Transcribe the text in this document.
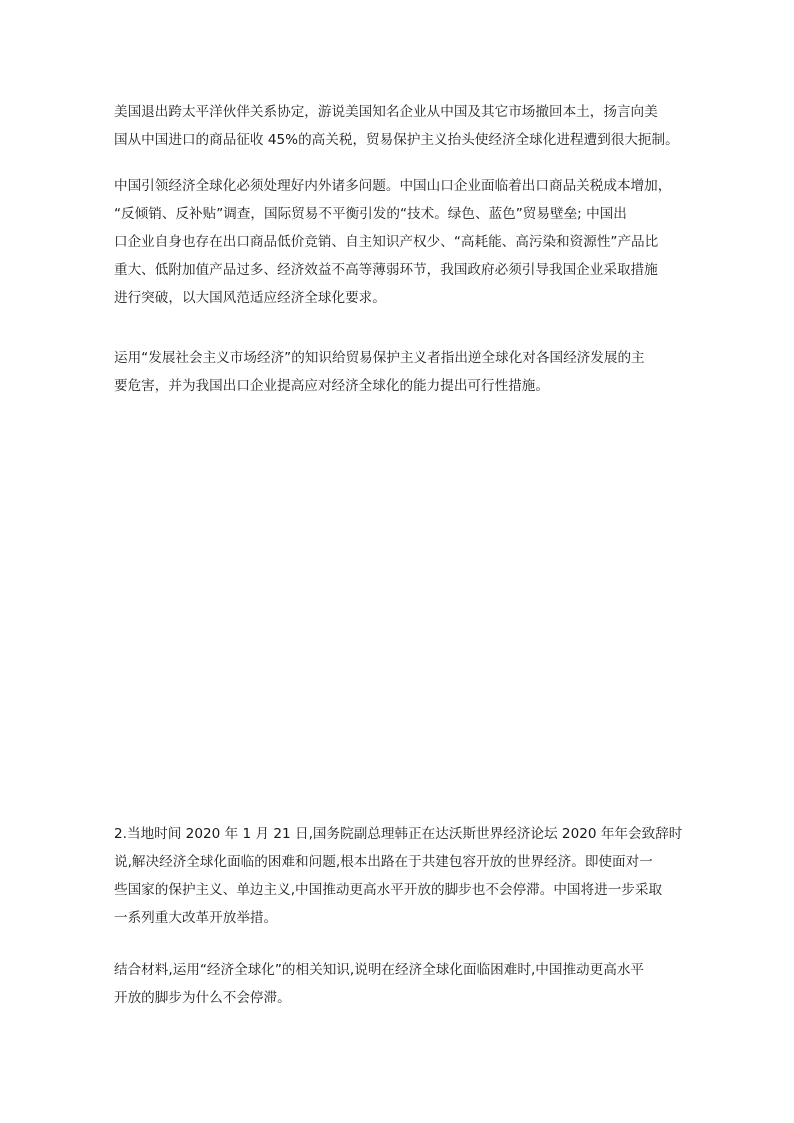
美国退出跨太平洋伙伴关系协定，游说美国知名企业从中国及其它市场撤回本土，扬言向美
国从中国进口的商品征收 45%的高关税，贸易保护主义抬头使经济全球化进程遭到很大扼制。

中国引领经济全球化必须处理好内外诸多问题。中国山口企业面临着出口商品关税成本增加，
“反倾销、反补贴”调查，国际贸易不平衡引发的“技术。绿色、蓝色”贸易壁垒; 中国出
口企业自身也存在出口商品低价竞销、自主知识产权少、“高耗能、高污染和资源性”产品比
重大、低附加值产品过多、经济效益不高等薄弱环节，我国政府必须引导我国企业采取措施
进行突破，以大国风范适应经济全球化要求。

运用“发展社会主义市场经济”的知识给贸易保护主义者指出逆全球化对各国经济发展的主
要危害，并为我国出口企业提高应对经济全球化的能力提出可行性措施。

2.当地时间 2020 年 1 月 21 日,国务院副总理韩正在达沃斯世界经济论坛 2020 年年会致辞时
说,解决经济全球化面临的困难和问题,根本出路在于共建包容开放的世界经济。即使面对一
些国家的保护主义、单边主义,中国推动更高水平开放的脚步也不会停滞。中国将进一步采取
一系列重大改革开放举措。

结合材料,运用“经济全球化”的相关知识,说明在经济全球化面临困难时,中国推动更高水平
开放的脚步为什么不会停滞。
